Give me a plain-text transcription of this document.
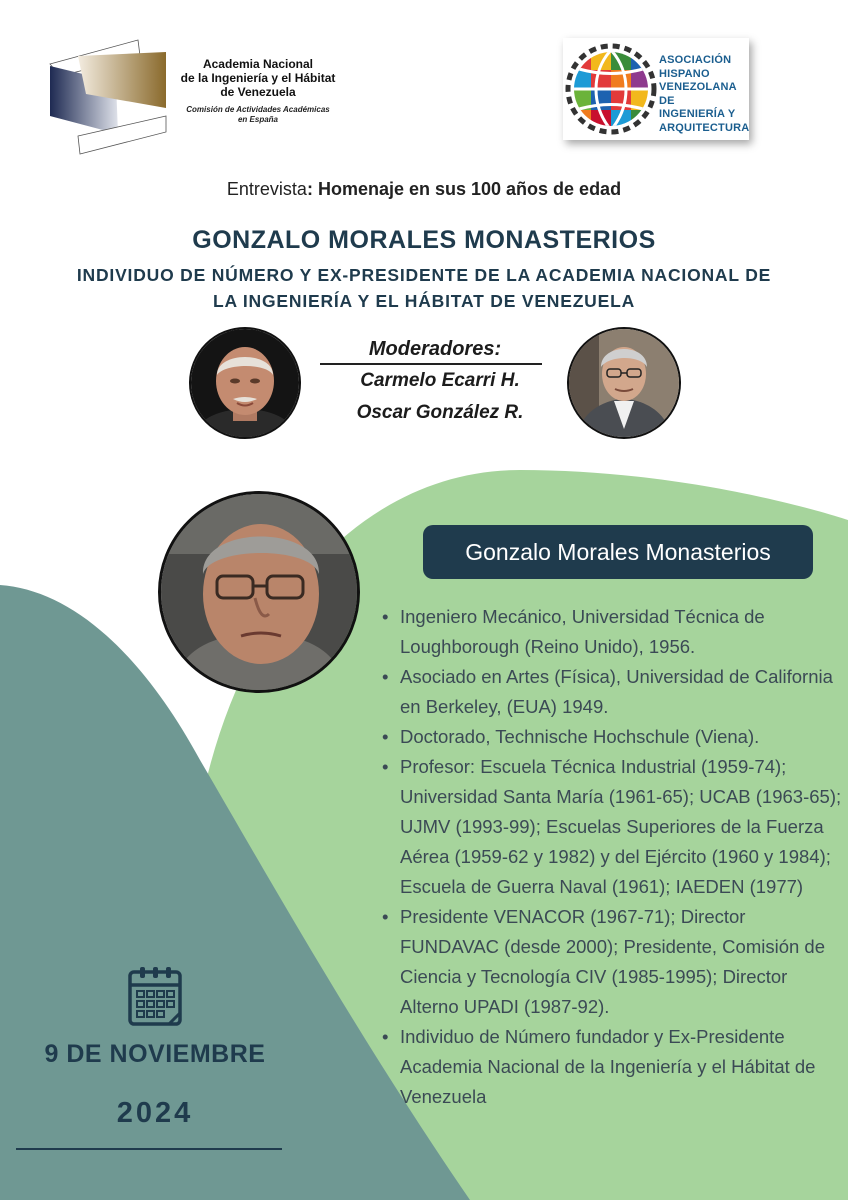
Academia Nacional
de la Ingeniería y el Hábitat
de Venezuela
Comisión de Actividades Académicas
en España
ASOCIACIÓN
HISPANO
VENEZOLANA DE
INGENIERÍA Y
ARQUITECTURA
Entrevista: Homenaje en sus 100 años de edad
GONZALO MORALES MONASTERIOS
INDIVIDUO DE NÚMERO Y EX-PRESIDENTE DE LA ACADEMIA NACIONAL DE
LA INGENIERÍA Y EL HÁBITAT DE VENEZUELA
Moderadores:
Carmelo Ecarri H.
Oscar González R.
Gonzalo Morales Monasterios
• Ingeniero Mecánico, Universidad Técnica de Loughborough (Reino Unido), 1956.
• Asociado en Artes (Física), Universidad de California en Berkeley, (EUA) 1949.
• Doctorado, Technische Hochschule (Viena).
• Profesor: Escuela Técnica Industrial (1959-74); Universidad Santa María (1961-65); UCAB (1963-65); UJMV (1993-99); Escuelas Superiores de la Fuerza Aérea (1959-62 y 1982) y del Ejército (1960 y 1984); Escuela de Guerra Naval (1961); IAEDEN (1977)
• Presidente VENACOR (1967-71); Director FUNDAVAC (desde 2000); Presidente, Comisión de Ciencia y Tecnología CIV (1985-1995); Director Alterno UPADI (1987-92).
• Individuo de Número fundador y Ex-Presidente Academia Nacional de la Ingeniería y el Hábitat de Venezuela
9 DE NOVIEMBRE
2024
